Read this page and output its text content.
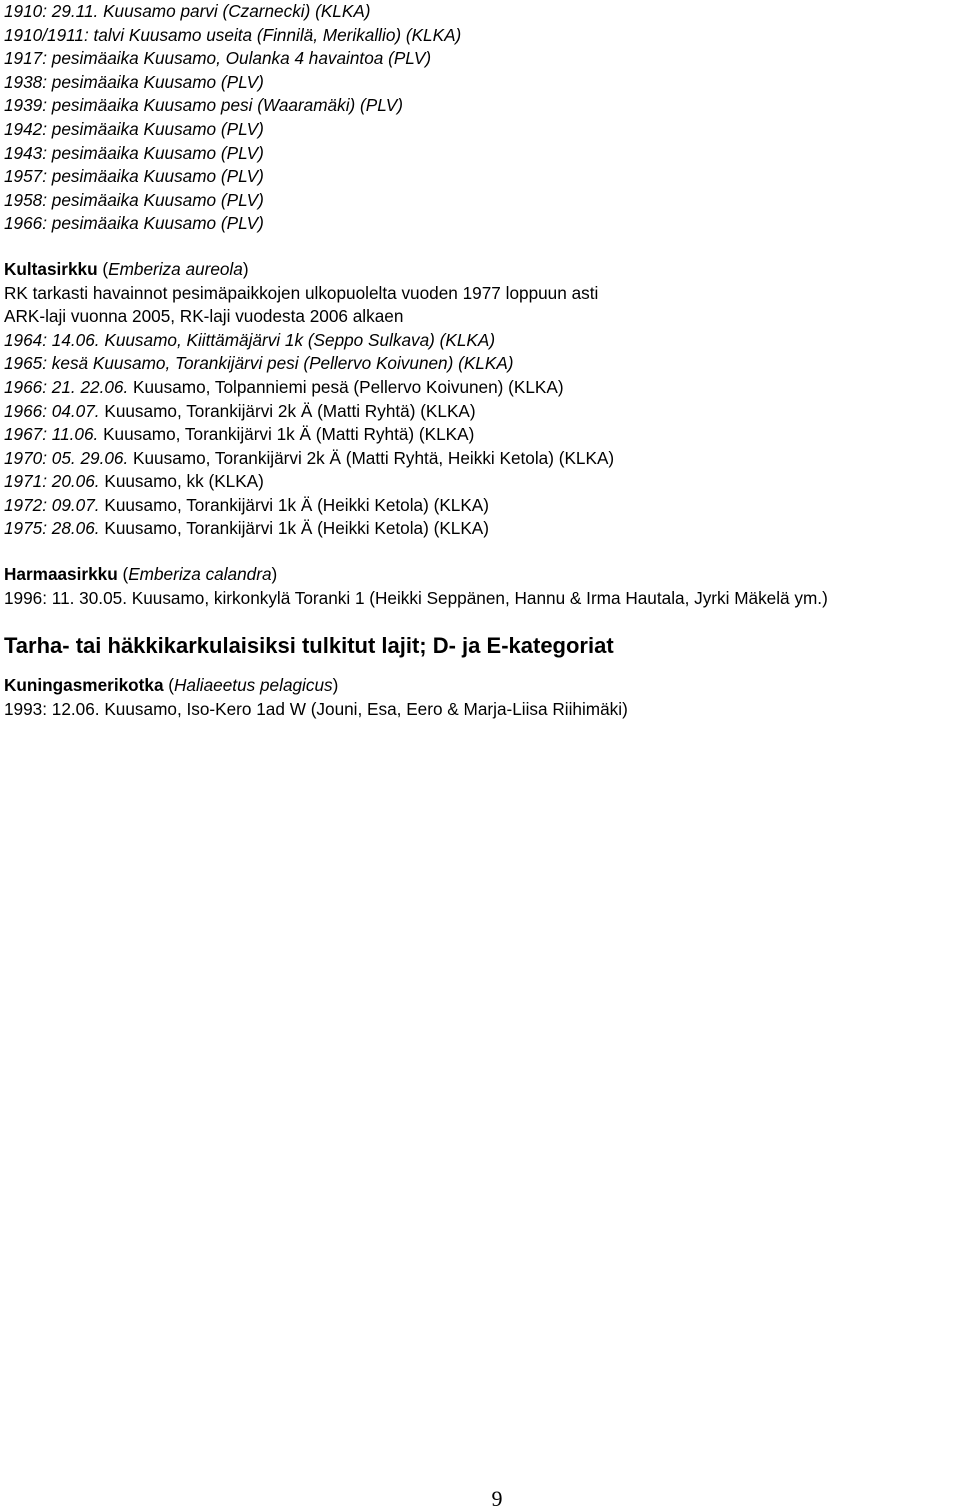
1910: 29.11. Kuusamo parvi (Czarnecki) (KLKA)
1910/1911: talvi Kuusamo useita (Finnilä, Merikallio) (KLKA)
1917: pesimäaika Kuusamo, Oulanka 4 havaintoa (PLV)
1938: pesimäaika Kuusamo (PLV)
1939: pesimäaika Kuusamo pesi (Waaramäki) (PLV)
1942: pesimäaika Kuusamo (PLV)
1943: pesimäaika Kuusamo (PLV)
1957: pesimäaika Kuusamo (PLV)
1958: pesimäaika Kuusamo (PLV)
1966: pesimäaika Kuusamo (PLV)
Kultasirkku (Emberiza aureola)
RK tarkasti havainnot pesimäpaikkojen ulkopuolelta vuoden 1977 loppuun asti
ARK-laji vuonna 2005, RK-laji vuodesta 2006 alkaen
1964: 14.06. Kuusamo, Kiittämäjärvi 1k (Seppo Sulkava) (KLKA)
1965: kesä Kuusamo, Torankijärvi pesi (Pellervo Koivunen) (KLKA)
1966: 21. 22.06. Kuusamo, Tolpanniemi pesä (Pellervo Koivunen) (KLKA)
1966: 04.07. Kuusamo, Torankijärvi 2k Ä (Matti Ryhtä) (KLKA)
1967: 11.06. Kuusamo, Torankijärvi 1k Ä (Matti Ryhtä) (KLKA)
1970: 05. 29.06. Kuusamo, Torankijärvi 2k Ä (Matti Ryhtä, Heikki Ketola) (KLKA)
1971: 20.06. Kuusamo, kk (KLKA)
1972: 09.07. Kuusamo, Torankijärvi 1k Ä (Heikki Ketola) (KLKA)
1975: 28.06. Kuusamo, Torankijärvi 1k Ä (Heikki Ketola) (KLKA)
Harmaasirkku (Emberiza calandra)
1996: 11. 30.05. Kuusamo, kirkonkylä Toranki 1 (Heikki Seppänen, Hannu & Irma Hautala, Jyrki Mäkelä ym.)
Tarha- tai häkkikarkulaisiksi tulkitut lajit; D- ja E-kategoriat
Kuningasmerikotka (Haliaeetus pelagicus)
1993: 12.06. Kuusamo, Iso-Kero 1ad W (Jouni, Esa, Eero & Marja-Liisa Riihimäki)
9
